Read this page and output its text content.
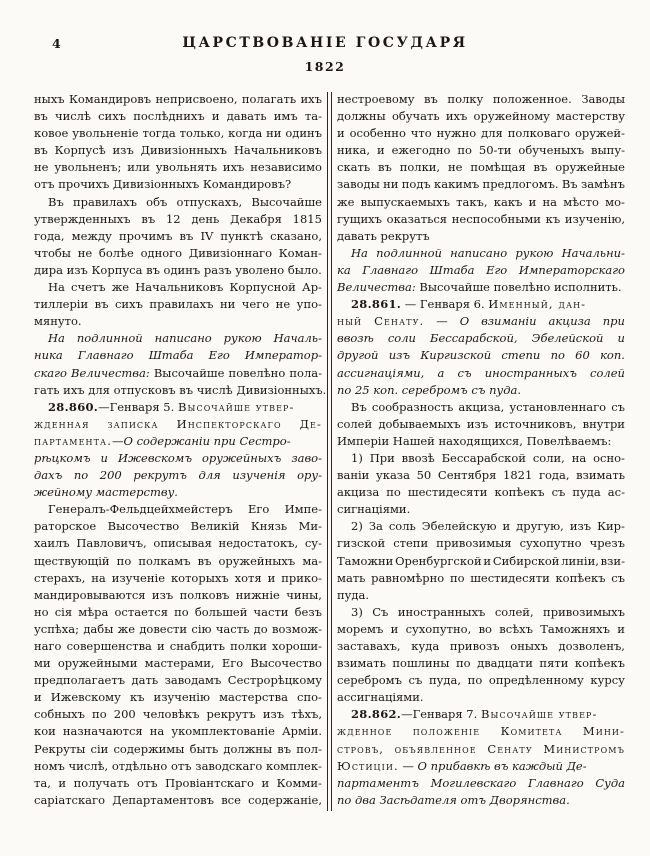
4	ЦАРСТВОВАНІЕ ГОСУДАРЯ
1822
ныхъ Командировъ неприсвоено, полагать ихъ
въ числѣ сихъ послѣднихъ и давать имъ та-
ковое увольненіе тогда только, когда ни одинъ
въ Корпусѣ изъ Дивизіонныхъ Начальниковъ
не увольненъ; или увольнять ихъ независимо
отъ прочихъ Дивизіонныхъ Командировъ?
Въ правилахъ объ отпускахъ, Высочайше
утвержденныхъ въ 12 день Декабря 1815
года, между прочимъ въ IV пунктѣ сказано,
чтобы не болѣе одного Дивизіоннаго Коман-
дира изъ Корпуса въ одинъ разъ уволено было.
На счетъ же Начальниковъ Корпусной Ар-
тиллеріи въ сихъ правилахъ ни чего не упо-
мянуто.
На подлинной написано рукою Началь-
ника Главнаго Штаба Его Император-
скаго Величества: Высочайше повелѣно пола-
гать ихъ для отпусковъ въ числѣ Дивизіонныхъ.
28.860.—Генваря 5. Высочайше утвер-
жденная записка Инспекторскаго Де-
партамента.—О содержаніи при Сестро-
рѣцкомъ и Ижевскомъ оружейныхъ заво-
дахъ по 200 рекрутъ для изученія ору-
жейному мастерству.
Генералъ-Фельдцейхмейстеръ Его Импе-
раторское Высочество Великій Князь Ми-
хаилъ Павловичъ, описывая недостатокъ, су-
ществующій по полкамъ въ оружейныхъ ма-
стерахъ, на изученіе которыхъ хотя и прико-
мандировываются изъ полковъ нижніе чины,
но сія мѣра остается по большей части безъ
успѣха; дабы же довести сію часть до возмож-
наго совершенства и снабдить полки хороши-
ми оружейными мастерами, Его Высочество
предполагаетъ дать заводамъ Сестрорѣцкому
и Ижевскому къ изученію мастерства спо-
собныхъ по 200 человѣкъ рекрутъ изъ тѣхъ,
кои назначаются на укомплектованіе Арміи.
Рекруты сіи содержимы быть должны въ пол-
номъ числѣ, отдѣльно отъ заводскаго комплек-
та, и получать отъ Провіантскаго и Комми-
саріатскаго Департаментовъ все содержаніе,
нестроевому въ полку положенное. Заводы
должны обучать ихъ оружейному мастерству
и особенно что нужно для полковаго оружей-
ника, и ежегодно по 50-ти обученыхъ выпу-
скать въ полки, не помѣщая въ оружейные
заводы ни подъ какимъ предлогомъ. Въ замѣнъ
же выпускаемыхъ такъ, какъ и на мѣсто мо-
гущихъ оказаться неспособными къ изученію,
давать рекрутъ
На подлинной написано рукою Начальни-
ка Главнаго Штаба Его Императорскаго
Величества: Высочайше повелѣно исполнить.
28.861. — Генваря 6. Именный, дан-
ный Сенату. — О взиманіи акциза при
ввозѣ соли Бессарабской, Эбелейской и
другой изъ Киргизской степи по 60 коп.
ассигнаціями, а съ иностранныхъ солей
по 25 коп. серебромъ съ пуда.
Въ сообразность акциза, установленнаго съ
солей добываемыхъ изъ источниковъ, внутри
Имперіи Нашей находящихся, Повелѣваемъ:
1) При ввозѣ Бессарабской соли, на осно-
ваніи указа 50 Сентября 1821 года, взимать
акциза по шестидесяти копѣекъ съ пуда ас-
сигнаціями.
2) За соль Эбелейскую и другую, изъ Кир-
гизской степи привозимыя сухопутно чрезъ
Таможни Оренбургской и Сибирской линіи, взи-
мать равномѣрно по шестидесяти копѣекъ съ
пуда.
3) Съ иностранныхъ солей, привозимыхъ
моремъ и сухопутно, во всѣхъ Таможняхъ и
заставахъ, куда привозъ оныхъ дозволенъ,
взимать пошлины по двадцати пяти копѣекъ
серебромъ съ пуда, по опредѣленному курсу
ассигнаціями.
28.862.—Генваря 7. Высочайше утвер-
жденное положеніе Комитета Мини-
стровъ, объявленное Сенату Министромъ
Юстиціи. — О прибавкѣ въ каждый Де-
партаментъ Могилевскаго Главнаго Суда
по два Засѣдателя отъ Дворянства.
